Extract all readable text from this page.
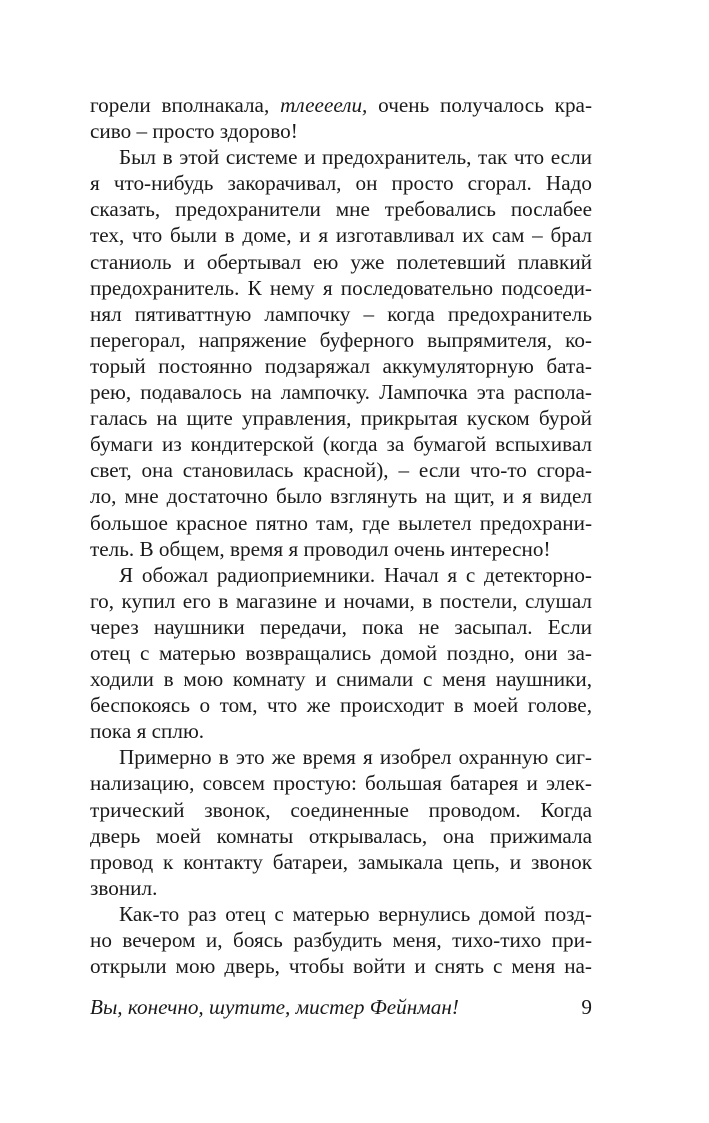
горели вполнакала, тлеееели, очень получалось кра-
сиво – просто здорово!
Был в этой системе и предохранитель, так что если
я что-нибудь закорачивал, он просто сгорал. Надо
сказать, предохранители мне требовались послабее
тех, что были в доме, и я изготавливал их сам – брал
станиоль и обертывал ею уже полетевший плавкий
предохранитель. К нему я последовательно подсоеди-
нял пятиваттную лампочку – когда предохранитель
перегорал, напряжение буферного выпрямителя, ко-
торый постоянно подзаряжал аккумуляторную бата-
рею, подавалось на лампочку. Лампочка эта распола-
галась на щите управления, прикрытая куском бурой
бумаги из кондитерской (когда за бумагой вспыхивал
свет, она становилась красной), – если что-то сгора-
ло, мне достаточно было взглянуть на щит, и я видел
большое красное пятно там, где вылетел предохрани-
тель. В общем, время я проводил очень интересно!
Я обожал радиоприемники. Начал я с детекторно-
го, купил его в магазине и ночами, в постели, слушал
через наушники передачи, пока не засыпал. Если
отец с матерью возвращались домой поздно, они за-
ходили в мою комнату и снимали с меня наушники,
беспокоясь о том, что же происходит в моей голове,
пока я сплю.
Примерно в это же время я изобрел охранную сиг-
нализацию, совсем простую: большая батарея и элек-
трический звонок, соединенные проводом. Когда
дверь моей комнаты открывалась, она прижимала
провод к контакту батареи, замыкала цепь, и звонок
звонил.
Как-то раз отец с матерью вернулись домой позд-
но вечером и, боясь разбудить меня, тихо-тихо при-
открыли мою дверь, чтобы войти и снять с меня на-
Вы, конечно, шутите, мистер Фейнман!	9
